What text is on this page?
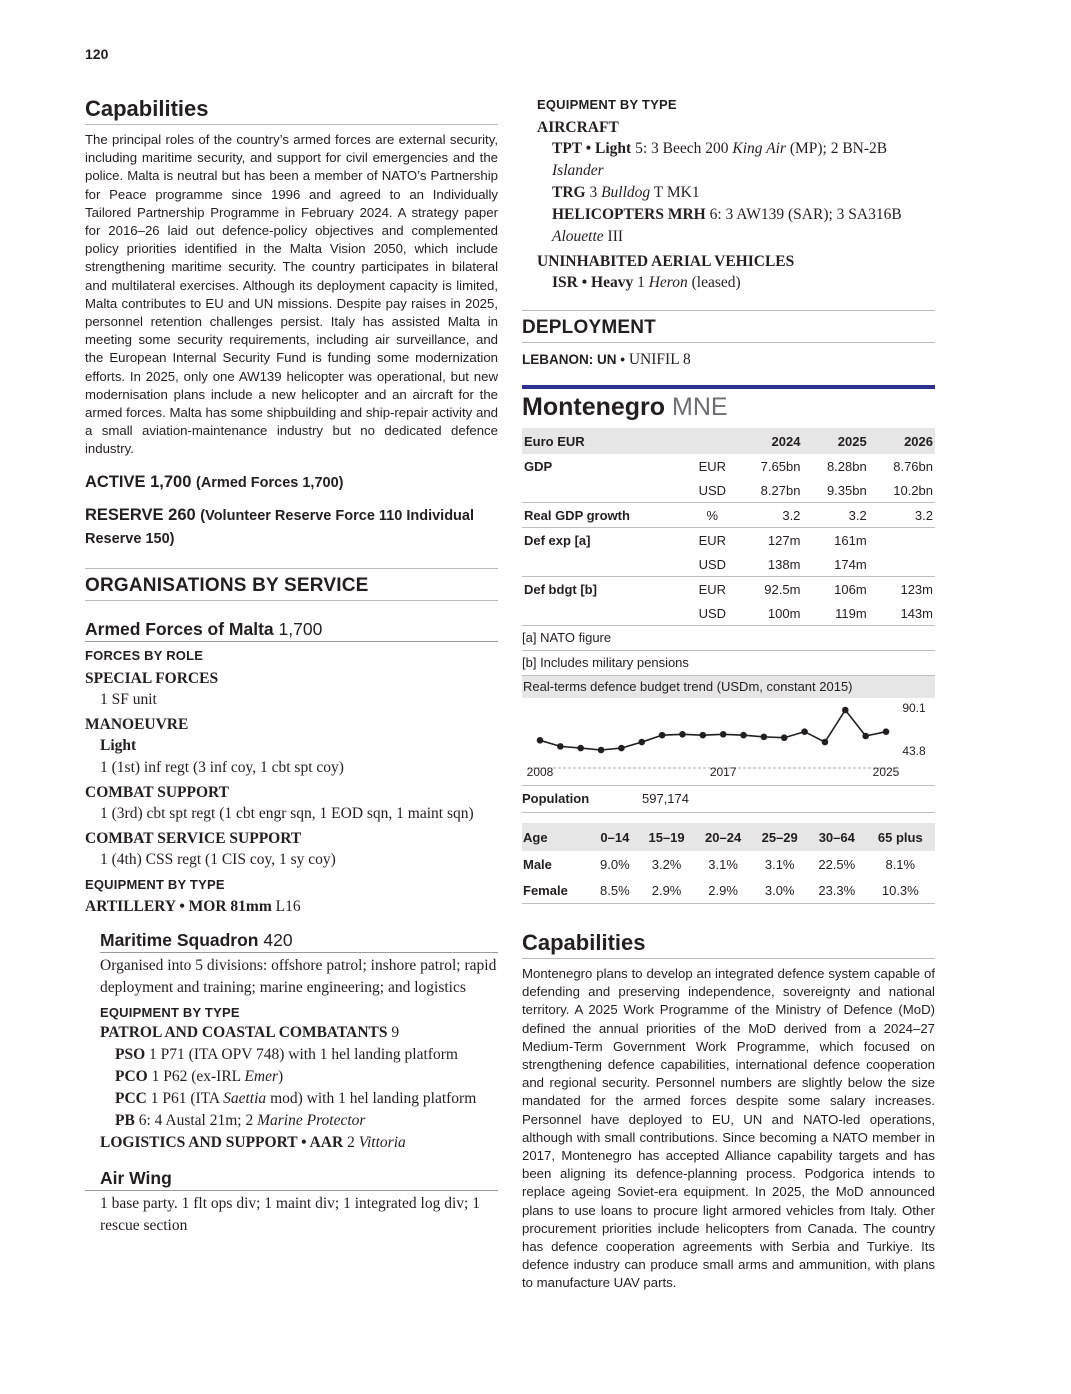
120
Capabilities

The principal roles of the country’s armed forces are external security, including maritime security, and support for civil emergencies and the police. Malta is neutral but has been a member of NATO’s Partnership for Peace programme since 1996 and agreed to an Individually Tailored Partnership Programme in February 2024. A strategy paper for 2016–26 laid out defence-policy objectives and complemented policy priorities identified in the Malta Vision 2050, which include strengthening maritime security. The country participates in bilateral and multilateral exercises. Although its deployment capacity is limited, Malta contributes to EU and UN missions. Despite pay raises in 2025, personnel retention challenges persist. Italy has assisted Malta in meeting some security requirements, including air surveillance, and the European Internal Security Fund is funding some modernization efforts. In 2025, only one AW139 helicopter was operational, but new modernisation plans include a new helicopter and an aircraft for the armed forces. Malta has some shipbuilding and ship-repair activity and a small aviation-maintenance industry but no dedicated defence industry.

ACTIVE 1,700 (Armed Forces 1,700)
RESERVE 260 (Volunteer Reserve Force 110 Individual Reserve 150)
ORGANISATIONS BY SERVICE
Armed Forces of Malta 1,700
FORCES BY ROLE
SPECIAL FORCES
1 SF unit
MANOEUVRE
Light
1 (1st) inf regt (3 inf coy, 1 cbt spt coy)
COMBAT SUPPORT
1 (3rd) cbt spt regt (1 cbt engr sqn, 1 EOD sqn, 1 maint sqn)
COMBAT SERVICE SUPPORT
1 (4th) CSS regt (1 CIS coy, 1 sy coy)
EQUIPMENT BY TYPE
ARTILLERY • MOR 81mm L16
Maritime Squadron 420
Organised into 5 divisions: offshore patrol; inshore patrol; rapid deployment and training; marine engineering; and logistics
EQUIPMENT BY TYPE
PATROL AND COASTAL COMBATANTS 9
PSO 1 P71 (ITA OPV 748) with 1 hel landing platform
PCO 1 P62 (ex-IRL Emer)
PCC 1 P61 (ITA Saettia mod) with 1 hel landing platform
PB 6: 4 Austal 21m; 2 Marine Protector
LOGISTICS AND SUPPORT • AAR 2 Vittoria
Air Wing
1 base party. 1 flt ops div; 1 maint div; 1 integrated log div; 1 rescue section
EQUIPMENT BY TYPE
AIRCRAFT
TPT • Light 5: 3 Beech 200 King Air (MP); 2 BN-2B Islander
TRG 3 Bulldog T MK1
HELICOPTERS MRH 6: 3 AW139 (SAR); 3 SA316B Alouette III
UNINHABITED AERIAL VEHICLES
ISR • Heavy 1 Heron (leased)
DEPLOYMENT
LEBANON: UN • UNIFIL 8
Montenegro MNE
Euro EUR		2024	2025	2026
GDP	EUR	7.65bn	8.28bn	8.76bn
	USD	8.27bn	9.35bn	10.2bn
Real GDP growth	%	3.2	3.2	3.2
Def exp [a]	EUR	127m	161m	
	USD	138m	174m	
Def bdgt [b]	EUR	92.5m	106m	123m
	USD	100m	119m	143m
[a] NATO figure
[b] Includes military pensions
Real-terms defence budget trend (USDm, constant 2015)
2008	2017	2025
90.1
43.8
Population	597,174
Age	0–14	15–19	20–24	25–29	30–64	65 plus
Male	9.0%	3.2%	3.1%	3.1%	22.5%	8.1%
Female	8.5%	2.9%	2.9%	3.0%	23.3%	10.3%
Capabilities

Montenegro plans to develop an integrated defence system capable of defending and preserving independence, sovereignty and national territory. A 2025 Work Programme of the Ministry of Defence (MoD) defined the annual priorities of the MoD derived from a 2024–27 Medium-Term Government Work Programme, which focused on strengthening defence capabilities, international defence cooperation and regional security. Personnel numbers are slightly below the size mandated for the armed forces despite some salary increases. Personnel have deployed to EU, UN and NATO-led operations, although with small contributions. Since becoming a NATO member in 2017, Montenegro has accepted Alliance capability targets and has been aligning its defence-planning process. Podgorica intends to replace ageing Soviet-era equipment. In 2025, the MoD announced plans to use loans to procure light armored vehicles from Italy. Other procurement priorities include helicopters from Canada. The country has defence cooperation agreements with Serbia and Turkiye. Its defence industry can produce small arms and ammunition, with plans to manufacture UAV parts.
